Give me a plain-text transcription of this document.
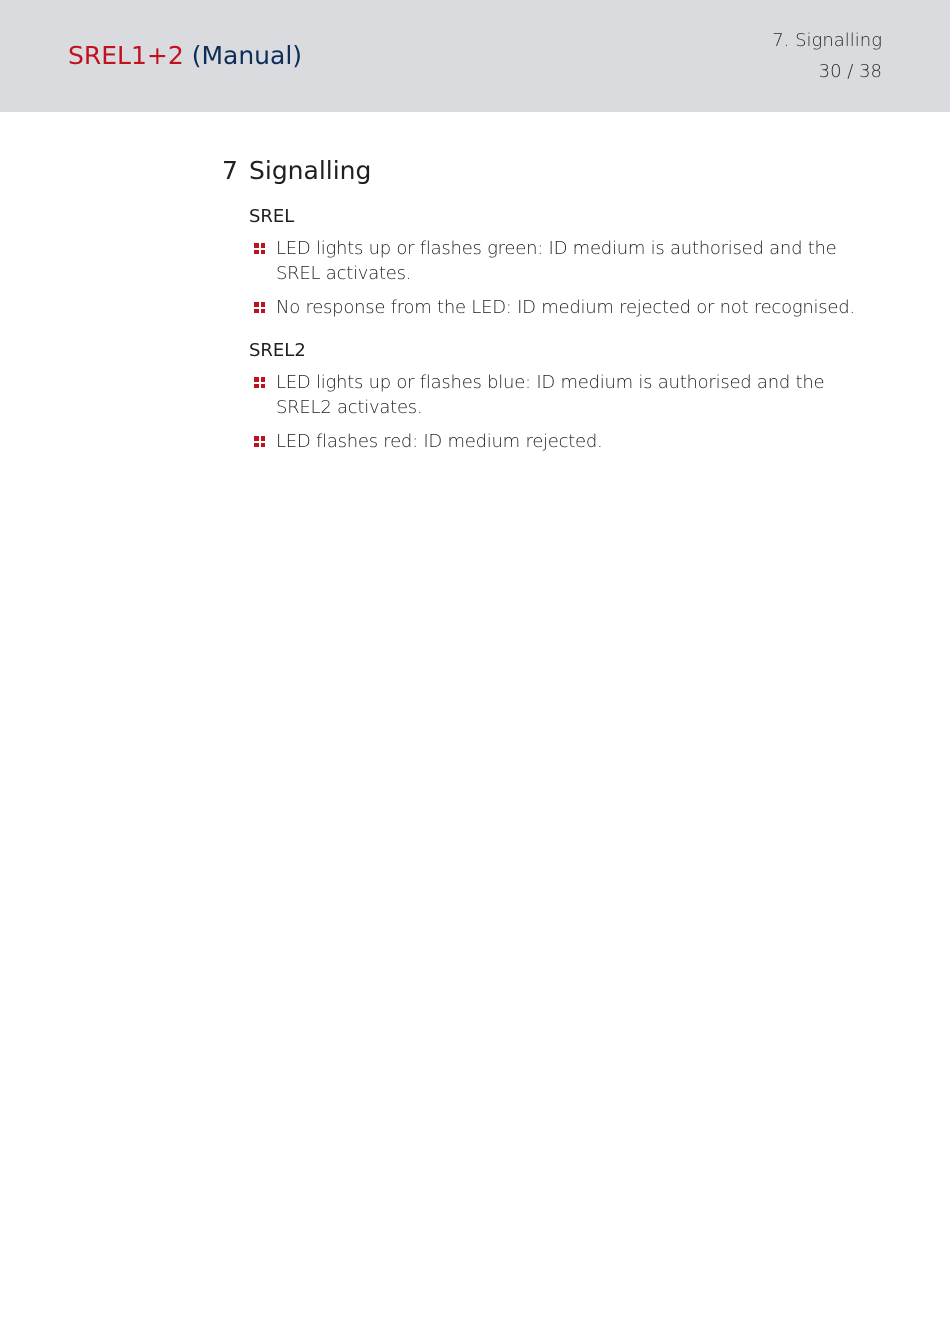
SREL1+2 (Manual)
7. Signalling
30 / 38
7 Signalling
SREL
LED lights up or flashes green: ID medium is authorised and the SREL activates.
No response from the LED: ID medium rejected or not recognised.
SREL2
LED lights up or flashes blue: ID medium is authorised and the SREL2 activates.
LED flashes red: ID medium rejected.
